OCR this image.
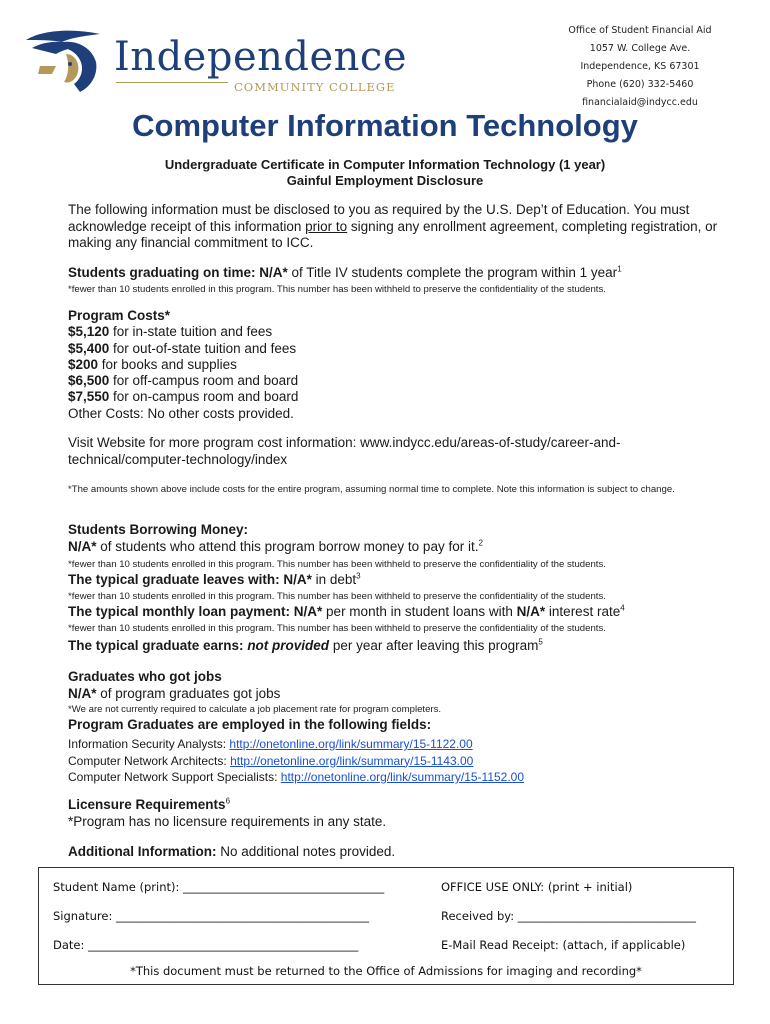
Office of Student Financial Aid
1057 W. College Ave.
Independence, KS 67301
Phone (620) 332-5460
financialaid@indycc.edu
Independence
COMMUNITY COLLEGE
Computer Information Technology
Undergraduate Certificate in Computer Information Technology (1 year)
Gainful Employment Disclosure
The following information must be disclosed to you as required by the U.S. Dep’t of Education. You must acknowledge receipt of this information prior to signing any enrollment agreement, completing registration, or making any financial commitment to ICC.
Students graduating on time: N/A* of Title IV students complete the program within 1 year$^1$
*fewer than 10 students enrolled in this program. This number has been withheld to preserve the confidentiality of the students.
Program Costs*
$5,120 for in-state tuition and fees
$5,400 for out-of-state tuition and fees
$200 for books and supplies
$6,500 for off-campus room and board
$7,550 for on-campus room and board
Other Costs: No other costs provided.
Visit Website for more program cost information: www.indycc.edu/areas-of-study/career-and-technical/computer-technology/index
*The amounts shown above include costs for the entire program, assuming normal time to complete. Note this information is subject to change.
Students Borrowing Money:
N/A* of students who attend this program borrow money to pay for it.$^2$
*fewer than 10 students enrolled in this program. This number has been withheld to preserve the confidentiality of the students.
The typical graduate leaves with: N/A* in debt$^3$
*fewer than 10 students enrolled in this program. This number has been withheld to preserve the confidentiality of the students.
The typical monthly loan payment: N/A* per month in student loans with N/A* interest rate$^4$
*fewer than 10 students enrolled in this program. This number has been withheld to preserve the confidentiality of the students.
The typical graduate earns: not provided per year after leaving this program$^5$
Graduates who got jobs
N/A* of program graduates got jobs
*We are not currently required to calculate a job placement rate for program completers.
Program Graduates are employed in the following fields:
Information Security Analysts: http://onetonline.org/link/summary/15-1122.00
Computer Network Architects: http://onetonline.org/link/summary/15-1143.00
Computer Network Support Specialists: http://onetonline.org/link/summary/15-1152.00
Licensure Requirements$^6$
*Program has no licensure requirements in any state.
Additional Information: No additional notes provided.
Student Name (print): ___________________________________	OFFICE USE ONLY: (print + initial)
Signature: ____________________________________________	Received by: _______________________________
Date: _______________________________________________	E-Mail Read Receipt: (attach, if applicable)
*This document must be returned to the Office of Admissions for imaging and recording*
